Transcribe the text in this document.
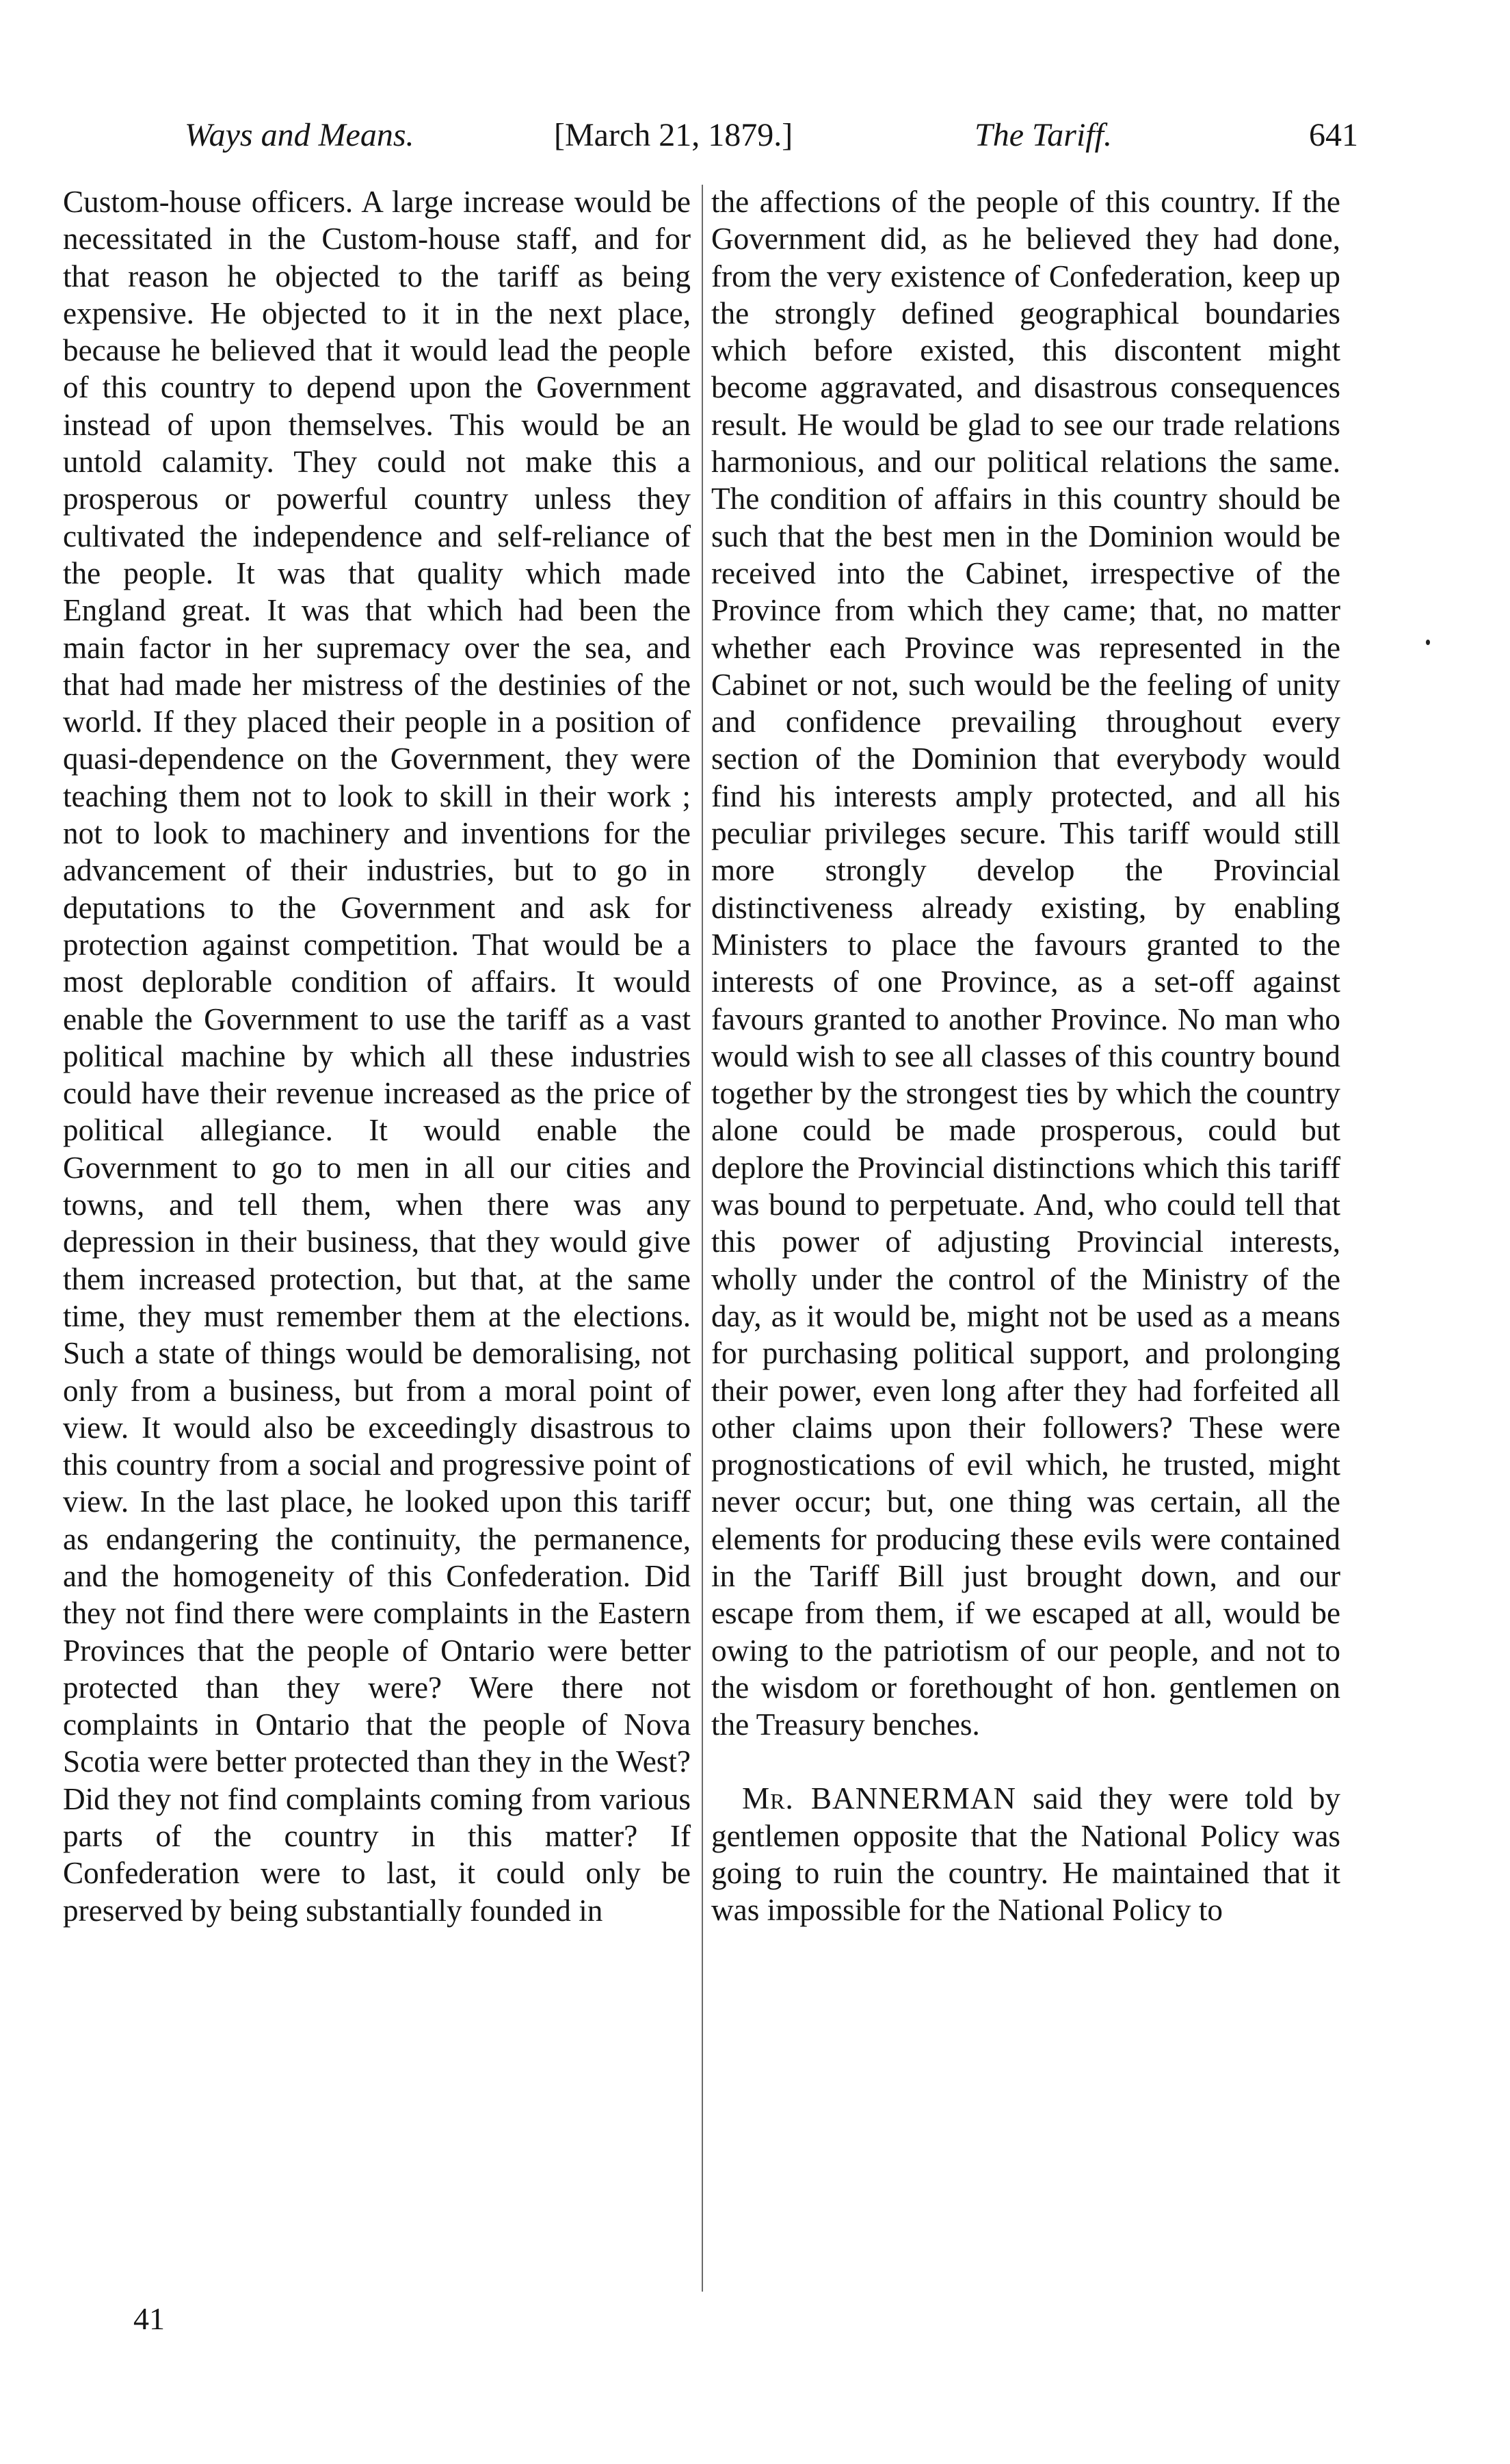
Ways and Means.	[March 21, 1879.]	The Tariff.	641

Custom-house officers. A large increase would be necessitated in the Custom-house staff, and for that reason he objected to the tariff as being expensive. He objected to it in the next place, because he believed that it would lead the people of this country to depend upon the Government instead of upon themselves. This would be an untold calamity. They could not make this a prosperous or powerful country unless they cultivated the independence and self-reliance of the people. It was that quality which made England great. It was that which had been the main factor in her supremacy over the sea, and that had made her mistress of the destinies of the world. If they placed their people in a position of quasi-dependence on the Government, they were teaching them not to look to skill in their work ; not to look to machinery and inventions for the advancement of their industries, but to go in deputations to the Government and ask for protection against competition. That would be a most deplorable condition of affairs. It would enable the Government to use the tariff as a vast political machine by which all these industries could have their revenue increased as the price of political allegiance. It would enable the Government to go to men in all our cities and towns, and tell them, when there was any depression in their business, that they would give them increased protection, but that, at the same time, they must remember them at the elections. Such a state of things would be demoralising, not only from a business, but from a moral point of view. It would also be exceedingly disastrous to this country from a social and progressive point of view. In the last place, he looked upon this tariff as endangering the continuity, the permanence, and the homogeneity of this Confederation. Did they not find there were complaints in the Eastern Provinces that the people of Ontario were better protected than they were? Were there not complaints in Ontario that the people of Nova Scotia were better protected than they in the West? Did they not find complaints coming from various parts of the country in this matter? If Confederation were to last, it could only be preserved by being substantially founded in

the affections of the people of this country. If the Government did, as he believed they had done, from the very existence of Confederation, keep up the strongly defined geographical boundaries which before existed, this discontent might become aggravated, and disastrous consequences result. He would be glad to see our trade relations harmonious, and our political relations the same. The condition of affairs in this country should be such that the best men in the Dominion would be received into the Cabinet, irrespective of the Province from which they came; that, no matter whether each Province was represented in the Cabinet or not, such would be the feeling of unity and confidence prevailing throughout every section of the Dominion that everybody would find his interests amply protected, and all his peculiar privileges secure. This tariff would still more strongly develop the Provincial distinctiveness already existing, by enabling Ministers to place the favours granted to the interests of one Province, as a set-off against favours granted to another Province. No man who would wish to see all classes of this country bound together by the strongest ties by which the country alone could be made prosperous, could but deplore the Provincial distinctions which this tariff was bound to perpetuate. And, who could tell that this power of adjusting Provincial interests, wholly under the control of the Ministry of the day, as it would be, might not be used as a means for purchasing political support, and prolonging their power, even long after they had forfeited all other claims upon their followers? These were prognostications of evil which, he trusted, might never occur; but, one thing was certain, all the elements for producing these evils were contained in the Tariff Bill just brought down, and our escape from them, if we escaped at all, would be owing to the patriotism of our people, and not to the wisdom or forethought of hon. gentlemen on the Treasury benches.

Mr. BANNERMAN said they were told by gentlemen opposite that the National Policy was going to ruin the country. He maintained that it was impossible for the National Policy to

41
